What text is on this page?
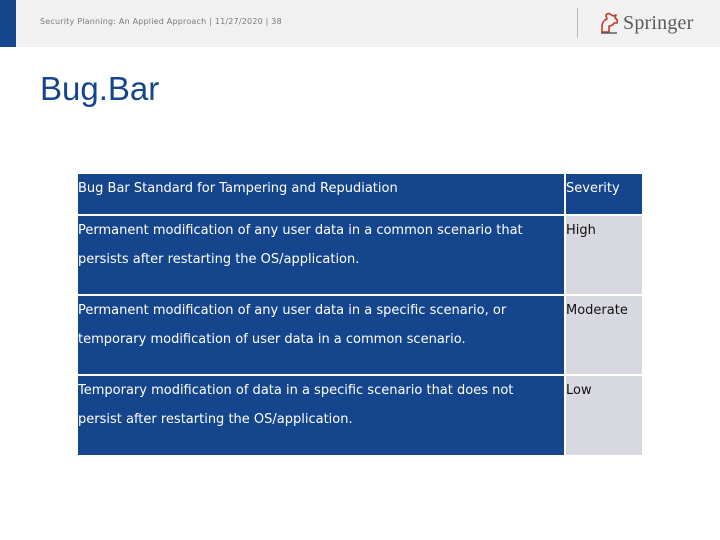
Security Planning: An Applied Approach | 11/27/2020 | 38	Springer
Bug.Bar
Bug Bar Standard for Tampering and Repudiation	Severity

Permanent modification of any user data in a common scenario that
persists after restarting the OS/application.	High

Permanent modification of any user data in a specific scenario, or
temporary modification of user data in a common scenario.	Moderate

Temporary modification of data in a specific scenario that does not
persist after restarting the OS/application.	Low
